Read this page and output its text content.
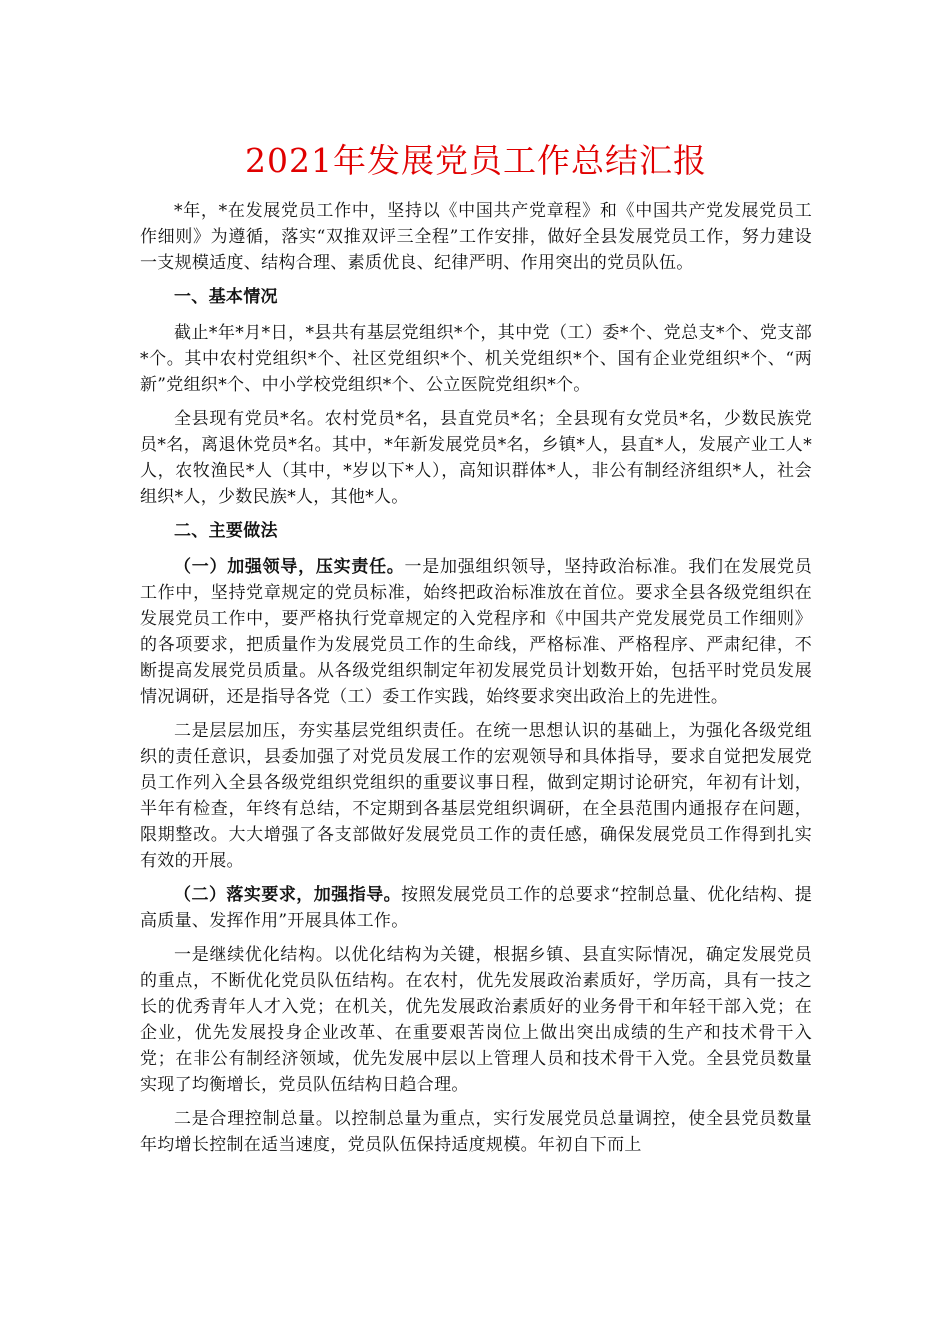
2021年发展党员工作总结汇报

*年，*在发展党员工作中，坚持以《中国共产党章程》和《中国共产党发展党员工作细则》为遵循，落实“双推双评三全程”工作安排，做好全县发展党员工作，努力建设一支规模适度、结构合理、素质优良、纪律严明、作用突出的党员队伍。

一、基本情况

截止*年*月*日，*县共有基层党组织*个，其中党（工）委*个、党总支*个、党支部*个。其中农村党组织*个、社区党组织*个、机关党组织*个、国有企业党组织*个、“两新”党组织*个、中小学校党组织*个、公立医院党组织*个。

全县现有党员*名。农村党员*名，县直党员*名；全县现有女党员*名，少数民族党员*名，离退休党员*名。其中，*年新发展党员*名，乡镇*人，县直*人，发展产业工人*人，农牧渔民*人（其中，*岁以下*人），高知识群体*人，非公有制经济组织*人，社会组织*人，少数民族*人，其他*人。

二、主要做法

（一）加强领导，压实责任。一是加强组织领导，坚持政治标准。我们在发展党员工作中，坚持党章规定的党员标准，始终把政治标准放在首位。要求全县各级党组织在发展党员工作中，要严格执行党章规定的入党程序和《中国共产党发展党员工作细则》的各项要求，把质量作为发展党员工作的生命线，严格标准、严格程序、严肃纪律，不断提高发展党员质量。从各级党组织制定年初发展党员计划数开始，包括平时党员发展情况调研，还是指导各党（工）委工作实践，始终要求突出政治上的先进性。

二是层层加压，夯实基层党组织责任。在统一思想认识的基础上，为强化各级党组织的责任意识，县委加强了对党员发展工作的宏观领导和具体指导，要求自觉把发展党员工作列入全县各级党组织党组织的重要议事日程，做到定期讨论研究，年初有计划，半年有检查，年终有总结，不定期到各基层党组织调研，在全县范围内通报存在问题，限期整改。大大增强了各支部做好发展党员工作的责任感，确保发展党员工作得到扎实有效的开展。

（二）落实要求，加强指导。按照发展党员工作的总要求“控制总量、优化结构、提高质量、发挥作用”开展具体工作。

一是继续优化结构。以优化结构为关键，根据乡镇、县直实际情况，确定发展党员的重点，不断优化党员队伍结构。在农村，优先发展政治素质好，学历高，具有一技之长的优秀青年人才入党；在机关，优先发展政治素质好的业务骨干和年轻干部入党；在企业，优先发展投身企业改革、在重要艰苦岗位上做出突出成绩的生产和技术骨干入党；在非公有制经济领域，优先发展中层以上管理人员和技术骨干入党。全县党员数量实现了均衡增长，党员队伍结构日趋合理。

二是合理控制总量。以控制总量为重点，实行发展党员总量调控，使全县党员数量年均增长控制在适当速度，党员队伍保持适度规模。年初自下而上
